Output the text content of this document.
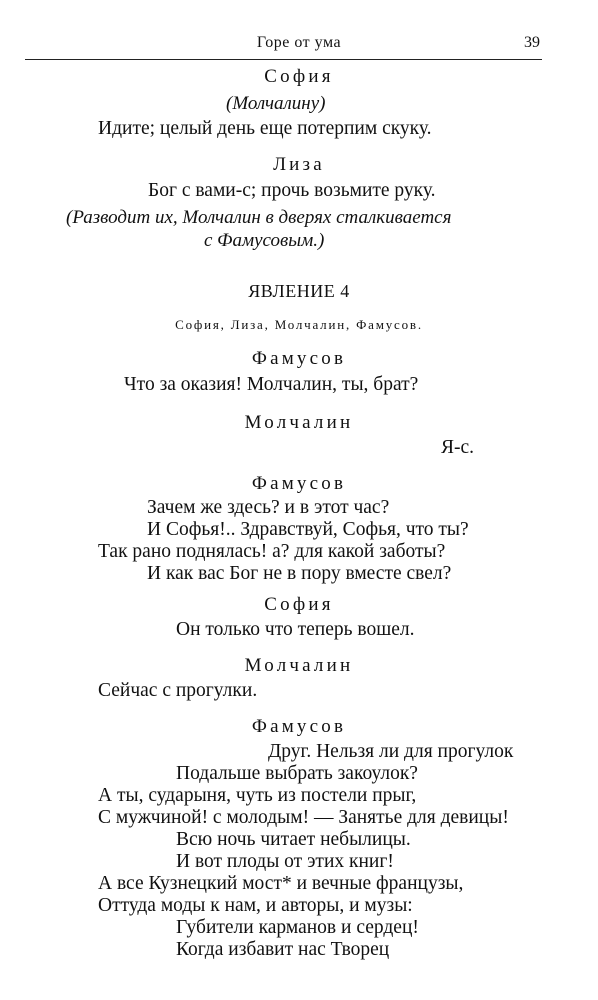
Горе от ума	39
София
(Молчалину)
Идите; целый день еще потерпим скуку.
Лиза
Бог с вами-с; прочь возьмите руку.
(Разводит их, Молчалин в дверях сталкивается
с Фамусовым.)
ЯВЛЕНИЕ 4
София, Лиза, Молчалин, Фамусов.
Фамусов
Что за оказия! Молчалин, ты, брат?
Молчалин
Я-с.
Фамусов
Зачем же здесь? и в этот час?
И Софья!.. Здравствуй, Софья, что ты?
Так рано поднялась! а? для какой заботы?
И как вас Бог не в пору вместе свел?
София
Он только что теперь вошел.
Молчалин
Сейчас с прогулки.
Фамусов
Друг. Нельзя ли для прогулок
Подальше выбрать закоулок?
А ты, сударыня, чуть из постели прыг,
С мужчиной! с молодым! — Занятье для девицы!
Всю ночь читает небылицы.
И вот плоды от этих книг!
А все Кузнецкий мост* и вечные французы,
Оттуда моды к нам, и авторы, и музы:
Губители карманов и сердец!
Когда избавит нас Творец
